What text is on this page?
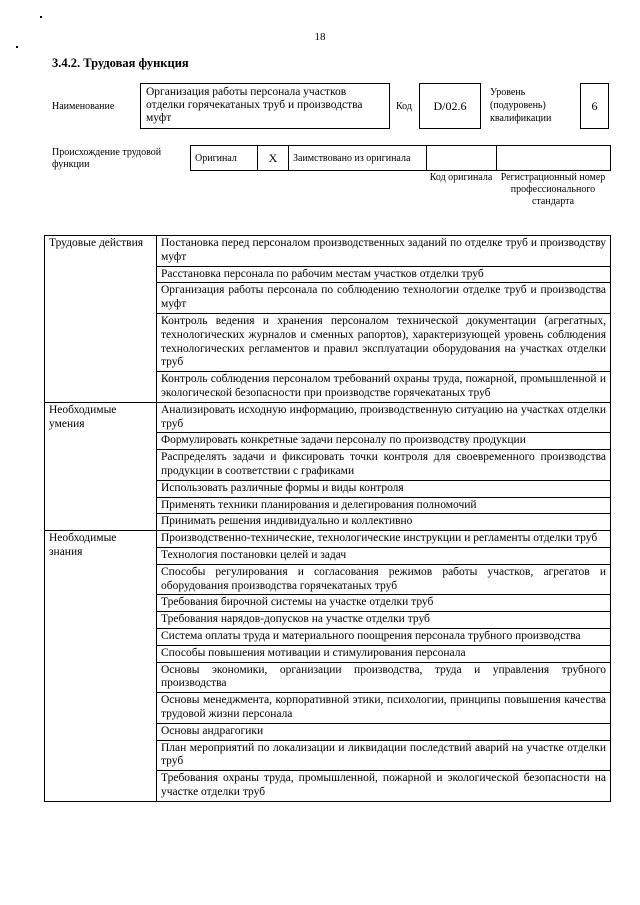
18
3.4.2. Трудовая функция
Наименование
Организация работы персонала участков отделки горячекатаных труб и производства муфт
Код	D/02.6
Уровень (подуровень) квалификации
6
Происхождение трудовой функции
Оригинал	X	Заимствовано из оригинала		
Код оригинала Регистрационный номер профессионального стандарта
Трудовые действия	Постановка перед персоналом производственных заданий по отделке труб и производству муфт
	Расстановка персонала по рабочим местам участков отделки труб
	Организация работы персонала по соблюдению технологии отделке труб и производства муфт
	Контроль ведения и хранения персоналом технической документации (агрегатных, технологических журналов и сменных рапортов), характеризующей уровень соблюдения технологических регламентов и правил эксплуатации оборудования на участках отделки труб
	Контроль соблюдения персоналом требований охраны труда, пожарной, промышленной и экологической безопасности при производстве горячекатаных труб
Необходимые умения	Анализировать исходную информацию, производственную ситуацию на участках отделки труб
	Формулировать конкретные задачи персоналу по производству продукции
	Распределять задачи и фиксировать точки контроля для своевременного производства продукции в соответствии с графиками
	Использовать различные формы и виды контроля
	Применять техники планирования и делегирования полномочий
	Принимать решения индивидуально и коллективно
Необходимые знания	Производственно-технические, технологические инструкции и регламенты отделки труб
	Технология постановки целей и задач
	Способы регулирования и согласования режимов работы участков, агрегатов и оборудования производства горячекатаных труб
	Требования бирочной системы на участке отделки труб
	Требования нарядов-допусков на участке отделки труб
	Система оплаты труда и материального поощрения персонала трубного производства
	Способы повышения мотивации и стимулирования персонала
	Основы экономики, организации производства, труда и управления трубного производства
	Основы менеджмента, корпоративной этики, психологии, принципы повышения качества трудовой жизни персонала
	Основы андрагогики
	План мероприятий по локализации и ликвидации последствий аварий на участке отделки труб
	Требования охраны труда, промышленной, пожарной и экологической безопасности на участке отделки труб
